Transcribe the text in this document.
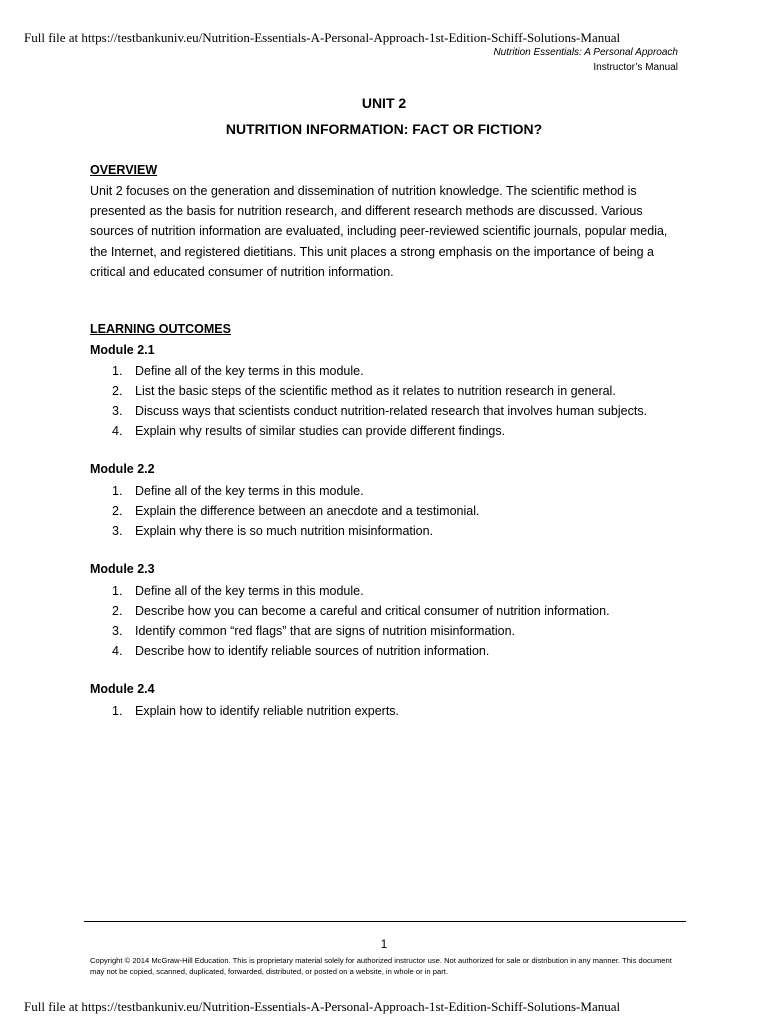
Full file at https://testbankuniv.eu/Nutrition-Essentials-A-Personal-Approach-1st-Edition-Schiff-Solutions-Manual
Nutrition Essentials: A Personal Approach
Instructor’s Manual
UNIT 2
NUTRITION INFORMATION: FACT OR FICTION?
OVERVIEW
Unit 2 focuses on the generation and dissemination of nutrition knowledge. The scientific method is presented as the basis for nutrition research, and different research methods are discussed. Various sources of nutrition information are evaluated, including peer-reviewed scientific journals, popular media, the Internet, and registered dietitians. This unit places a strong emphasis on the importance of being a critical and educated consumer of nutrition information.
LEARNING OUTCOMES
Module 2.1
1. Define all of the key terms in this module.
2. List the basic steps of the scientific method as it relates to nutrition research in general.
3. Discuss ways that scientists conduct nutrition-related research that involves human subjects.
4. Explain why results of similar studies can provide different findings.
Module 2.2
1. Define all of the key terms in this module.
2. Explain the difference between an anecdote and a testimonial.
3. Explain why there is so much nutrition misinformation.
Module 2.3
1. Define all of the key terms in this module.
2. Describe how you can become a careful and critical consumer of nutrition information.
3. Identify common “red flags” that are signs of nutrition misinformation.
4. Describe how to identify reliable sources of nutrition information.
Module 2.4
1. Explain how to identify reliable nutrition experts.
1
Copyright © 2014 McGraw-Hill Education. This is proprietary material solely for authorized instructor use. Not authorized for sale or distribution in any manner. This document may not be copied, scanned, duplicated, forwarded, distributed, or posted on a website, in whole or in part.
Full file at https://testbankuniv.eu/Nutrition-Essentials-A-Personal-Approach-1st-Edition-Schiff-Solutions-Manual
